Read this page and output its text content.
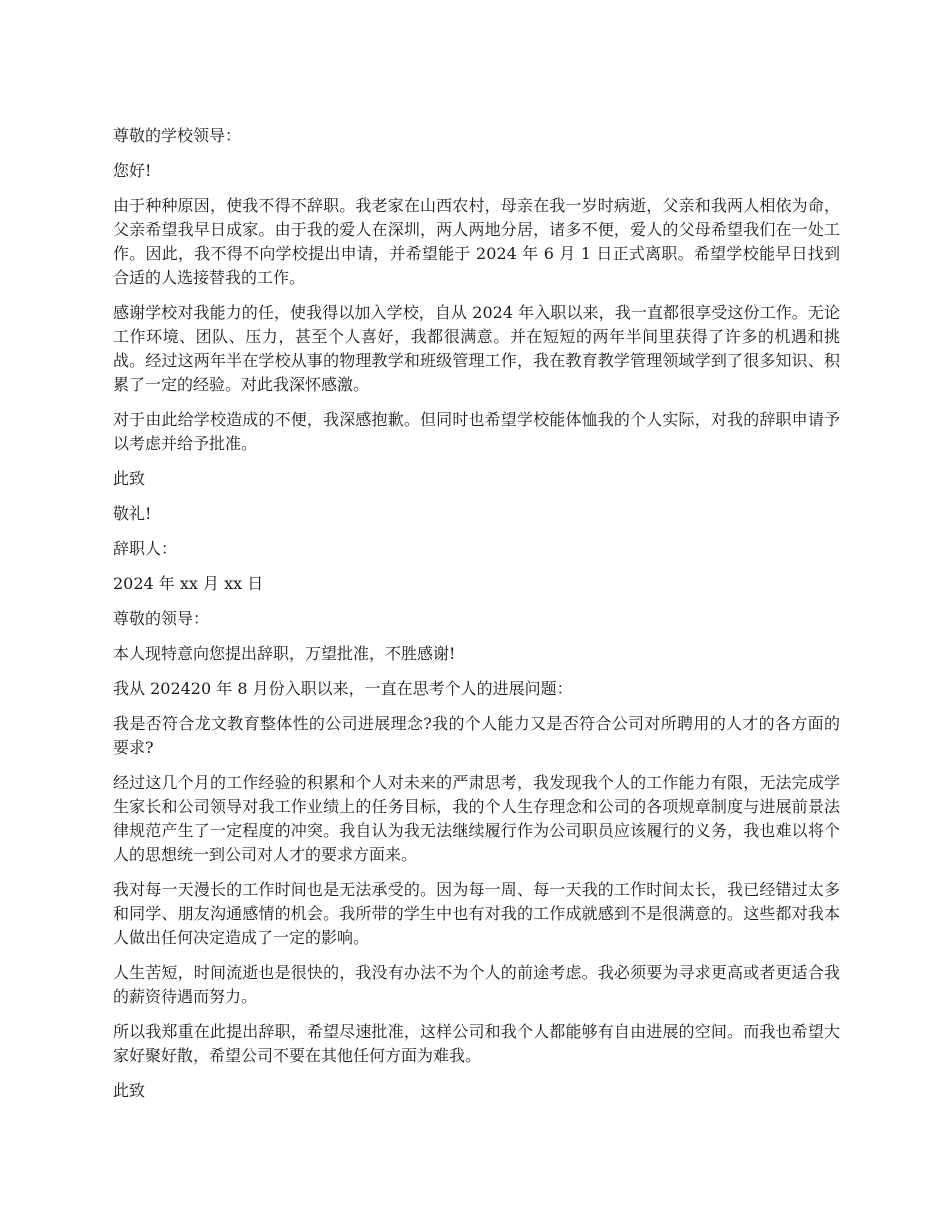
尊敬的学校领导：

您好!

由于种种原因，使我不得不辞职。我老家在山西农村，母亲在我一岁时病逝，父亲和我两人相依为命，父亲希望我早日成家。由于我的爱人在深圳，两人两地分居，诸多不便，爱人的父母希望我们在一处工作。因此，我不得不向学校提出申请，并希望能于 2024 年 6 月 1 日正式离职。希望学校能早日找到合适的人选接替我的工作。

感谢学校对我能力的任，使我得以加入学校，自从 2024 年入职以来，我一直都很享受这份工作。无论工作环境、团队、压力，甚至个人喜好，我都很满意。并在短短的两年半间里获得了许多的机遇和挑战。经过这两年半在学校从事的物理教学和班级管理工作，我在教育教学管理领域学到了很多知识、积累了一定的经验。对此我深怀感激。

对于由此给学校造成的不便，我深感抱歉。但同时也希望学校能体恤我的个人实际，对我的辞职申请予以考虑并给予批准。

此致

敬礼!

辞职人：

2024 年 xx 月 xx 日

尊敬的领导：

本人现特意向您提出辞职，万望批准，不胜感谢!

我从 202420 年 8 月份入职以来，一直在思考个人的进展问题：

我是否符合龙文教育整体性的公司进展理念?我的个人能力又是否符合公司对所聘用的人才的各方面的要求?

经过这几个月的工作经验的积累和个人对未来的严肃思考，我发现我个人的工作能力有限，无法完成学生家长和公司领导对我工作业绩上的任务目标，我的个人生存理念和公司的各项规章制度与进展前景法律规范产生了一定程度的冲突。我自认为我无法继续履行作为公司职员应该履行的义务，我也难以将个人的思想统一到公司对人才的要求方面来。

我对每一天漫长的工作时间也是无法承受的。因为每一周、每一天我的工作时间太长，我已经错过太多和同学、朋友沟通感情的机会。我所带的学生中也有对我的工作成就感到不是很满意的。这些都对我本人做出任何决定造成了一定的影响。

人生苦短，时间流逝也是很快的，我没有办法不为个人的前途考虑。我必须要为寻求更高或者更适合我的薪资待遇而努力。

所以我郑重在此提出辞职，希望尽速批准，这样公司和我个人都能够有自由进展的空间。而我也希望大家好聚好散，希望公司不要在其他任何方面为难我。

此致
